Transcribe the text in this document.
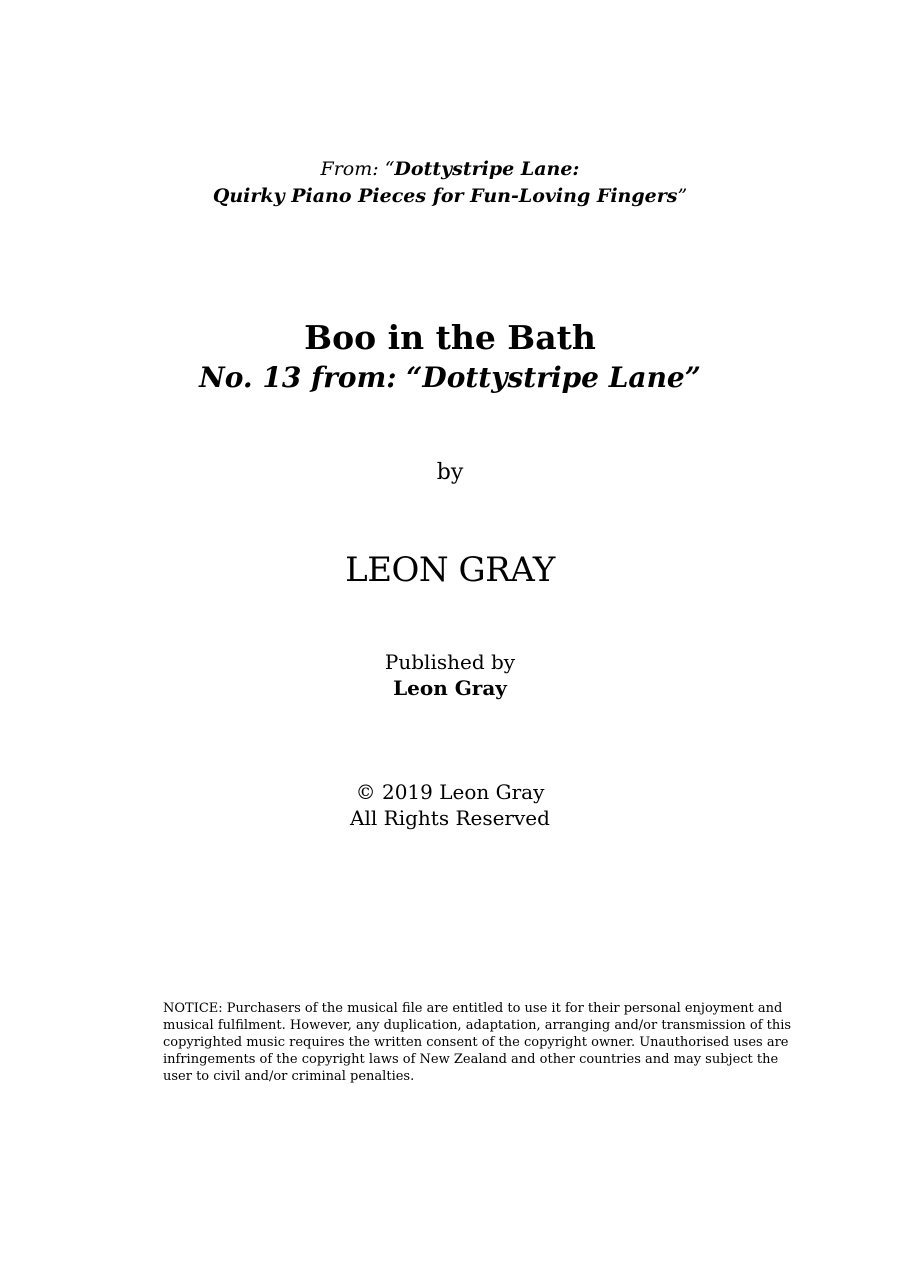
From: “Dottystripe Lane:
Quirky Piano Pieces for Fun-Loving Fingers”
Boo in the Bath
No. 13 from: “Dottystripe Lane”
by
LEON GRAY
Published by
Leon Gray
© 2019 Leon Gray
All Rights Reserved

NOTICE: Purchasers of the musical file are entitled to use it for their personal enjoyment and musical fulfilment. However, any duplication, adaptation, arranging and/or transmission of this copyrighted music requires the written consent of the copyright owner. Unauthorised uses are infringements of the copyright laws of New Zealand and other countries and may subject the user to civil and/or criminal penalties.
